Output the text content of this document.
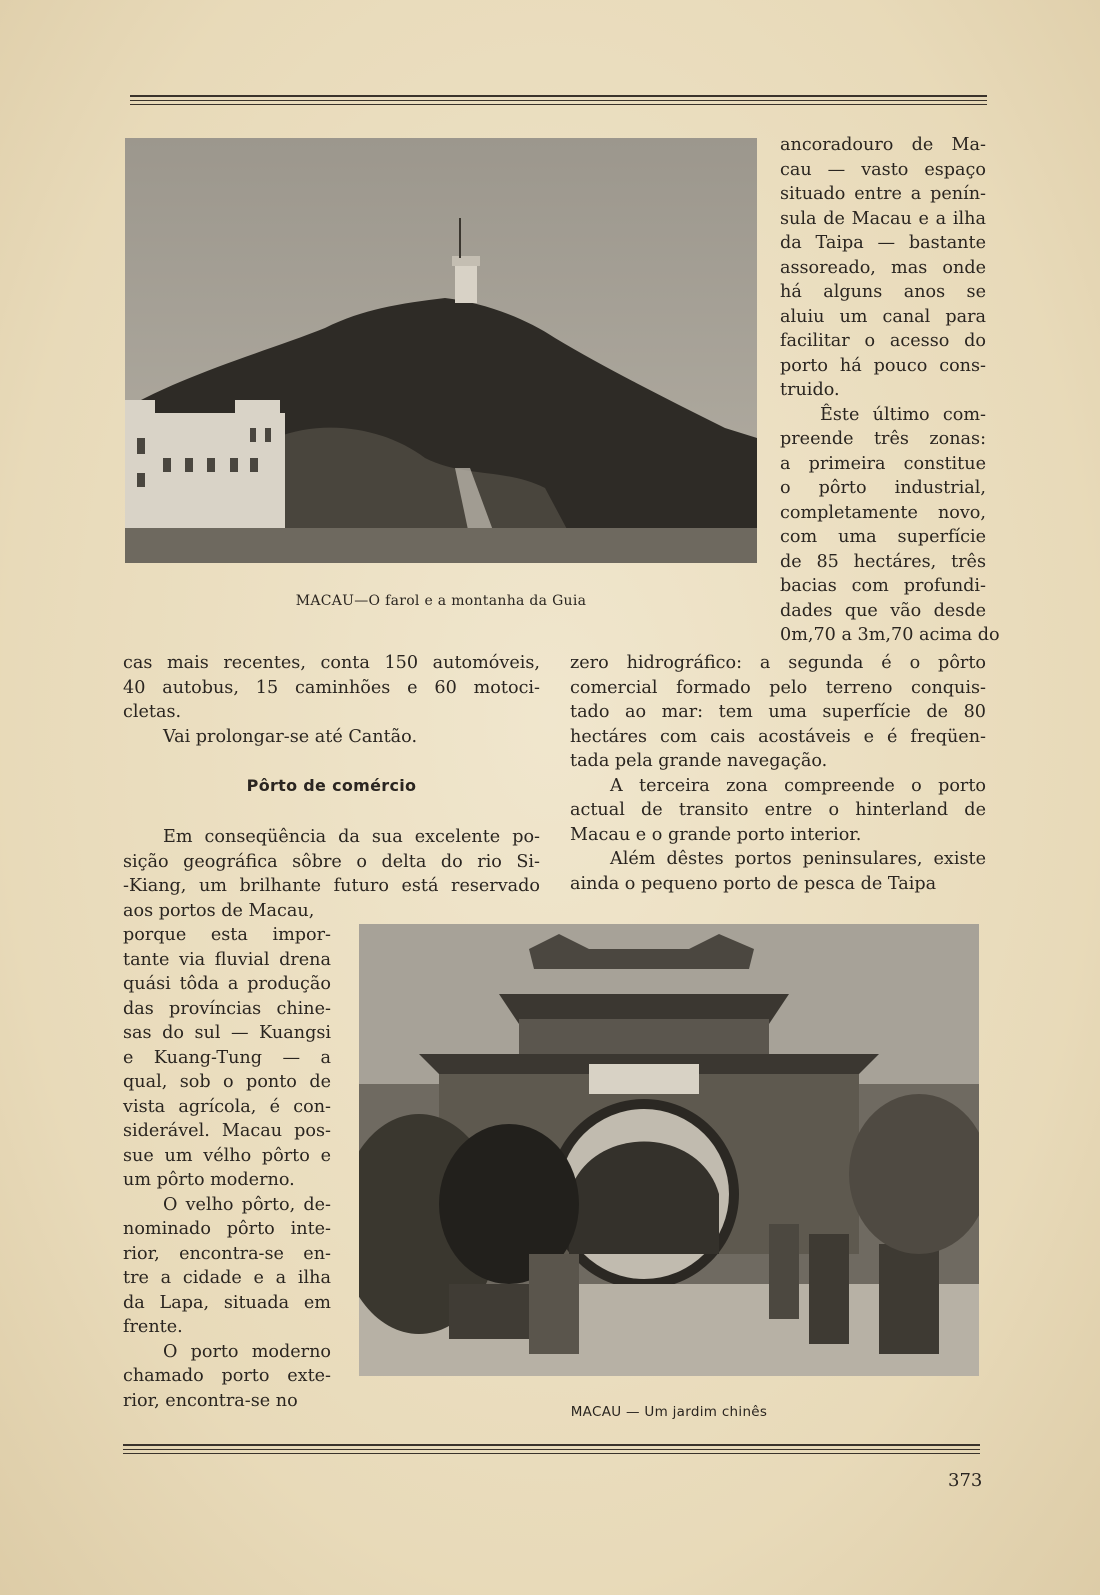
MACAU—O farol e a montanha da Guia
ancoradouro de Ma-
cau — vasto espaço
situado entre a penín-
sula de Macau e a ilha
da Taipa — bastante
assoreado, mas onde
há alguns anos se
aluiu um canal para
facilitar o acesso do
porto há pouco cons-
truido.
Êste último com-
preende três zonas:
a primeira constitue
o pôrto industrial,
completamente novo,
com uma superfície
de 85 hectáres, três
bacias com profundi-
dades que vão desde
0m,70 a 3m,70 acima do
cas mais recentes, conta 150 automóveis,
40 autobus, 15 caminhões e 60 motoci-
cletas.
Vai prolongar-se até Cantão.
Pôrto de comércio
zero hidrográfico: a segunda é o pôrto
comercial formado pelo terreno conquis-
tado ao mar: tem uma superfície de 80
hectáres com cais acostáveis e é freqüen-
tada pela grande navegação.
A terceira zona compreende o porto
actual de transito entre o hinterland de
Macau e o grande porto interior.
Além dêstes portos peninsulares, existe
ainda o pequeno porto de pesca de Taipa
Em conseqüência da sua excelente po-
sição geográfica sôbre o delta do rio Si-
-Kiang, um brilhante futuro está reservado
aos portos de Macau,
porque esta impor-
tante via fluvial drena
quási tôda a produção
das províncias chine-
sas do sul — Kuangsi
e Kuang-Tung — a
qual, sob o ponto de
vista agrícola, é con-
siderável. Macau pos-
sue um vélho pôrto e
um pôrto moderno.
O velho pôrto, de-
nominado pôrto inte-
rior, encontra-se en-
tre a cidade e a ilha
da Lapa, situada em
frente.
O porto moderno
chamado porto exte-
rior, encontra-se no
MACAU — Um jardim chinês
373
